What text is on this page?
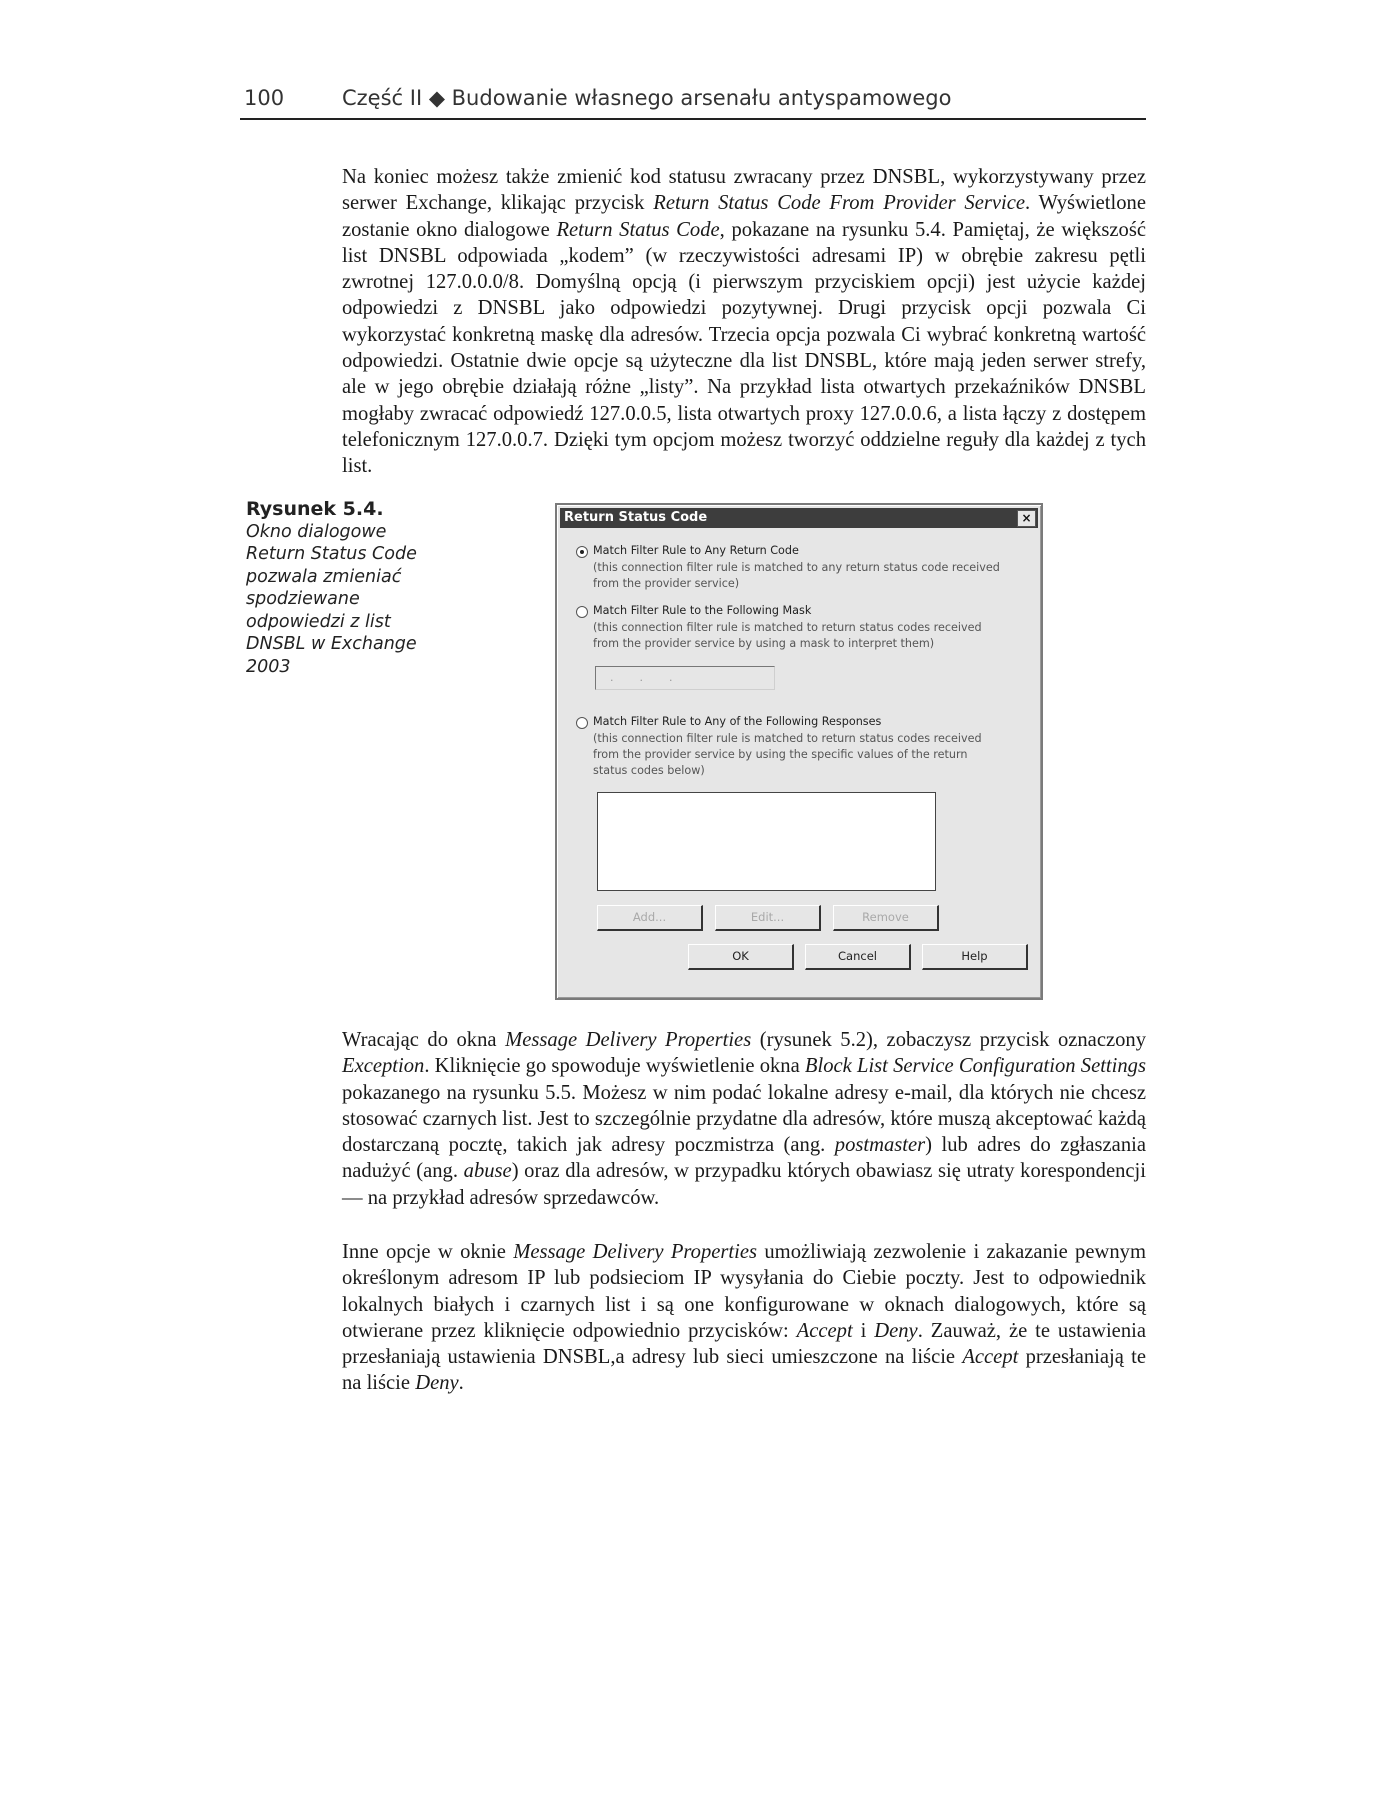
100	Część II ◆ Budowanie własnego arsenału antyspamowego

Na koniec możesz także zmienić kod statusu zwracany przez DNSBL, wykorzystywany przez serwer Exchange, klikając przycisk Return Status Code From Provider Service. Wyświetlone zostanie okno dialogowe Return Status Code, pokazane na rysunku 5.4. Pamiętaj, że większość list DNSBL odpowiada „kodem” (w rzeczywistości adresami IP) w obrębie zakresu pętli zwrotnej 127.0.0.0/8. Domyślną opcją (i pierwszym przyciskiem opcji) jest użycie każdej odpowiedzi z DNSBL jako odpowiedzi pozytywnej. Drugi przycisk opcji pozwala Ci wykorzystać konkretną maskę dla adresów. Trzecia opcja pozwala Ci wybrać konkretną wartość odpowiedzi. Ostatnie dwie opcje są użyteczne dla list DNSBL, które mają jeden serwer strefy, ale w jego obrębie działają różne „listy”. Na przykład lista otwartych przekaźników DNSBL mogłaby zwracać odpowiedź 127.0.0.5, lista otwartych proxy 127.0.0.6, a lista łączy z dostępem telefonicznym 127.0.0.7. Dzięki tym opcjom możesz tworzyć oddzielne reguły dla każdej z tych list.

Rysunek 5.4.
Okno dialogowe Return Status Code pozwala zmieniać spodziewane odpowiedzi z list DNSBL w Exchange 2003
Return Status Code	×
Match Filter Rule to Any Return Code
(this connection filter rule is matched to any return status code received
from the provider service)
Match Filter Rule to the Following Mask
(this connection filter rule is matched to return status codes received
from the provider service by using a mask to interpret them)
...
Match Filter Rule to Any of the Following Responses
(this connection filter rule is matched to return status codes received
from the provider service by using the specific values of the return
status codes below)
Add...	Edit...	Remove
OK	Cancel	Help

Wracając do okna Message Delivery Properties (rysunek 5.2), zobaczysz przycisk oznaczony Exception. Kliknięcie go spowoduje wyświetlenie okna Block List Service Configuration Settings pokazanego na rysunku 5.5. Możesz w nim podać lokalne adresy e-mail, dla których nie chcesz stosować czarnych list. Jest to szczególnie przydatne dla adresów, które muszą akceptować każdą dostarczaną pocztę, takich jak adresy poczmistrza (ang. postmaster) lub adres do zgłaszania nadużyć (ang. abuse) oraz dla adresów, w przypadku których obawiasz się utraty korespondencji — na przykład adresów sprzedawców.

Inne opcje w oknie Message Delivery Properties umożliwiają zezwolenie i zakazanie pewnym określonym adresom IP lub podsieciom IP wysyłania do Ciebie poczty. Jest to odpowiednik lokalnych białych i czarnych list i są one konfigurowane w oknach dialogowych, które są otwierane przez kliknięcie odpowiednio przycisków: Accept i Deny. Zauważ, że te ustawienia przesłaniają ustawienia DNSBL,a adresy lub sieci umieszczone na liście Accept przesłaniają te na liście Deny.
